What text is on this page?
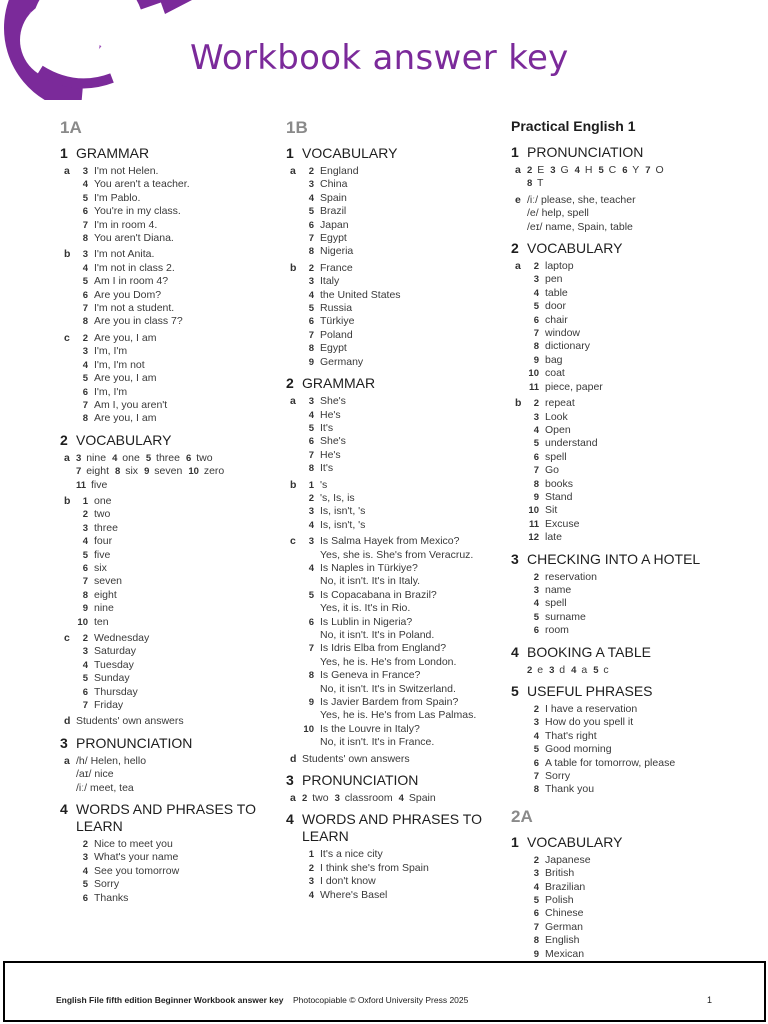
Workbook answer key
1A
1 GRAMMAR
a	3 I'm not Helen.
4 You aren't a teacher.
5 I'm Pablo.
6 You're in my class.
7 I'm in room 4.
8 You aren't Diana.
b	3 I'm not Anita.
4 I'm not in class 2.
5 Am I in room 4?
6 Are you Dom?
7 I'm not a student.
8 Are you in class 7?
c	2 Are you, I am
3 I'm, I'm
4 I'm, I'm not
5 Are you, I am
6 I'm, I'm
7 Am I, you aren't
8 Are you, I am
2 VOCABULARY
a 3 nine 4 one 5 three 6 two
7 eight 8 six 9 seven 10 zero
11 five
b	1 one
2 two
3 three
4 four
5 five
6 six
7 seven
8 eight
9 nine
10 ten
c	2 Wednesday
3 Saturday
4 Tuesday
5 Sunday
6 Thursday
7 Friday
d Students' own answers
3 PRONUNCIATION
a /h/ Helen, hello
/aɪ/ nice
/iː/ meet, tea
4 WORDS AND PHRASES TO LEARN
2 Nice to meet you
3 What's your name
4 See you tomorrow
5 Sorry
6 Thanks
1B
1 VOCABULARY
a	2 England
3 China
4 Spain
5 Brazil
6 Japan
7 Egypt
8 Nigeria
b	2 France
3 Italy
4 the United States
5 Russia
6 Türkiye
7 Poland
8 Egypt
9 Germany
2 GRAMMAR
a	3 She's
4 He's
5 It's
6 She's
7 He's
8 It's
b	1 's
2 's, Is, is
3 Is, isn't, 's
4 Is, isn't, 's
c	3 Is Salma Hayek from Mexico?
Yes, she is. She's from Veracruz.
4 Is Naples in Türkiye?
No, it isn't. It's in Italy.
5 Is Copacabana in Brazil?
Yes, it is. It's in Rio.
6 Is Lublin in Nigeria?
No, it isn't. It's in Poland.
7 Is Idris Elba from England?
Yes, he is. He's from London.
8 Is Geneva in France?
No, it isn't. It's in Switzerland.
9 Is Javier Bardem from Spain?
Yes, he is. He's from Las Palmas.
10 Is the Louvre in Italy?
No, it isn't. It's in France.
d Students' own answers
3 PRONUNCIATION
a 2 two 3 classroom 4 Spain
4 WORDS AND PHRASES TO LEARN
1 It's a nice city
2 I think she's from Spain
3 I don't know
4 Where's Basel
Practical English 1
1 PRONUNCIATION
a 2 E 3 G 4 H 5 C 6 Y 7 O
8 T
e /iː/ please, she, teacher
/e/ help, spell
/eɪ/ name, Spain, table
2 VOCABULARY
a	2 laptop
3 pen
4 table
5 door
6 chair
7 window
8 dictionary
9 bag
10 coat
11 piece, paper
b	2 repeat
3 Look
4 Open
5 understand
6 spell
7 Go
8 books
9 Stand
10 Sit
11 Excuse
12 late
3 CHECKING INTO A HOTEL
2 reservation
3 name
4 spell
5 surname
6 room
4 BOOKING A TABLE
2 e 3 d 4 a 5 c
5 USEFUL PHRASES
2 I have a reservation
3 How do you spell it
4 That's right
5 Good morning
6 A table for tomorrow, please
7 Sorry
8 Thank you
2A
1 VOCABULARY
2 Japanese
3 British
4 Brazilian
5 Polish
6 Chinese
7 German
8 English
9 Mexican
English File fifth edition Beginner Workbook answer key Photocopiable © Oxford University Press 2025	1
